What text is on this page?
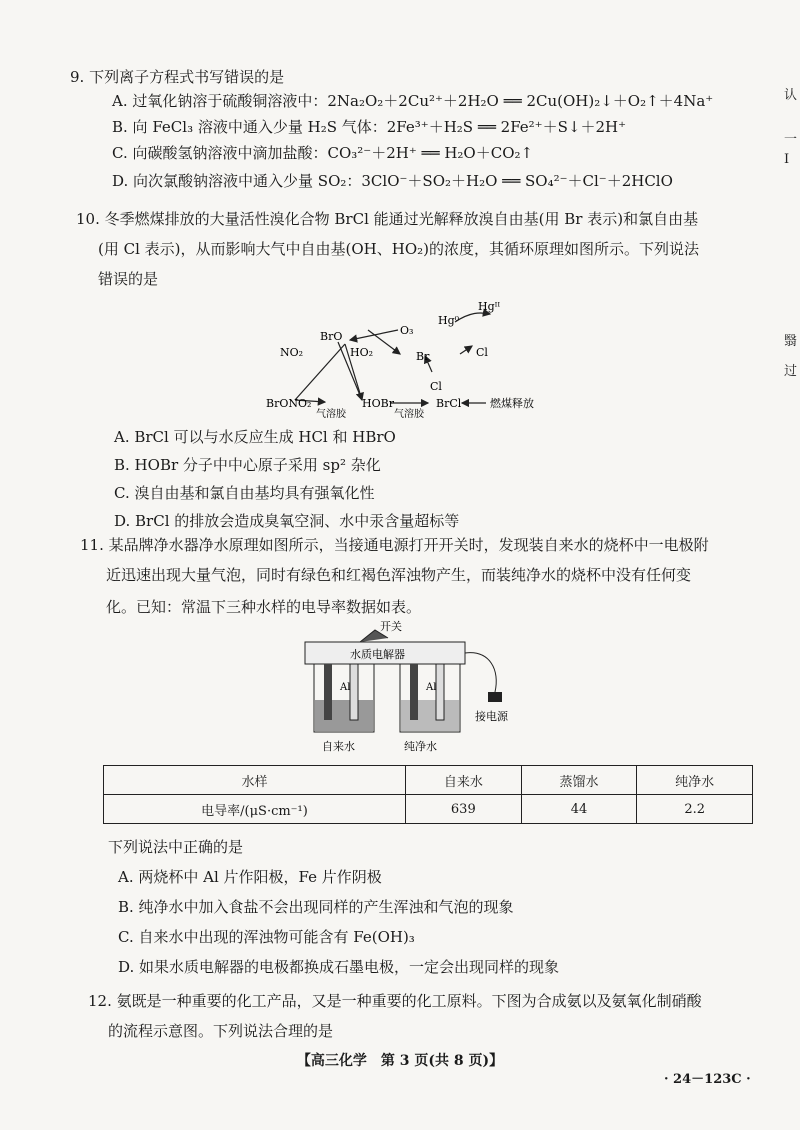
9. 下列离子方程式书写错误的是
A. 过氧化钠溶于硫酸铜溶液中：2Na₂O₂＋2Cu²⁺＋2H₂O ══ 2Cu(OH)₂↓＋O₂↑＋4Na⁺
B. 向 FeCl₃ 溶液中通入少量 H₂S 气体：2Fe³⁺＋H₂S ══ 2Fe²⁺＋S↓＋2H⁺
C. 向碳酸氢钠溶液中滴加盐酸：CO₃²⁻＋2H⁺ ══ H₂O＋CO₂↑
D. 向次氯酸钠溶液中通入少量 SO₂：3ClO⁻＋SO₂＋H₂O ══ SO₄²⁻＋Cl⁻＋2HClO
10. 冬季燃煤排放的大量活性溴化合物 BrCl 能通过光解释放溴自由基(用 Br 表示)和氯自由基
(用 Cl 表示)，从而影响大气中自由基(OH、HO₂)的浓度，其循环原理如图所示。下列说法
错误的是
BrO	O₃
Hg⁰
Hgᴵᴵ
NO₂	HO₂	Br	Cl
Cl
BrONO₂	HOBr	BrCl
气溶胶	气溶胶
燃煤释放
A. BrCl 可以与水反应生成 HCl 和 HBrO
B. HOBr 分子中中心原子采用 sp² 杂化
C. 溴自由基和氯自由基均具有强氧化性
D. BrCl 的排放会造成臭氧空洞、水中汞含量超标等
11. 某品牌净水器净水原理如图所示，当接通电源打开开关时，发现装自来水的烧杯中一电极附
近迅速出现大量气泡，同时有绿色和红褐色浑浊物产生，而装纯净水的烧杯中没有任何变
化。已知：常温下三种水样的电导率数据如表。
开关
水质电解器
接电源
Al	Al
自来水	纯净水
水样	自来水	蒸馏水	纯净水
电导率/(μS·cm⁻¹)	639	44	2.2
下列说法中正确的是
A. 两烧杯中 Al 片作阳极，Fe 片作阴极
B. 纯净水中加入食盐不会出现同样的产生浑浊和气泡的现象
C. 自来水中出现的浑浊物可能含有 Fe(OH)₃
D. 如果水质电解器的电极都换成石墨电极，一定会出现同样的现象
12. 氨既是一种重要的化工产品，又是一种重要的化工原料。下图为合成氨以及氨氧化制硝酸
的流程示意图。下列说法合理的是
【高三化学　第 3 页(共 8 页)】
· 24－123C ·
认
一
I
翳
过
